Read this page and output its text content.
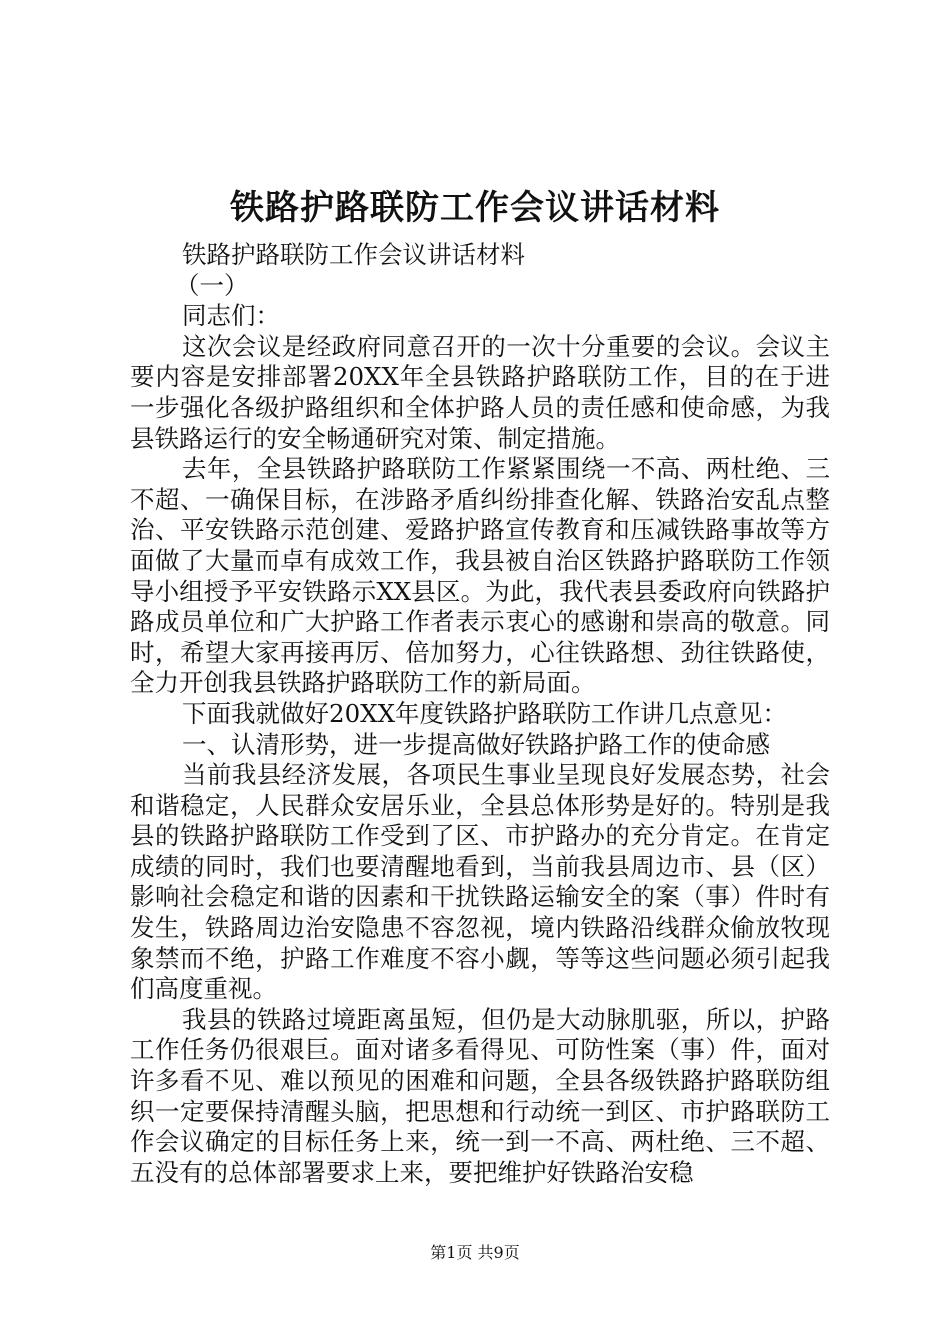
铁路护路联防工作会议讲话材料

铁路护路联防工作会议讲话材料

（一）

同志们：

这次会议是经政府同意召开的一次十分重要的会议。会议主要内容是安排部署20XX年全县铁路护路联防工作，目的在于进一步强化各级护路组织和全体护路人员的责任感和使命感，为我县铁路运行的安全畅通研究对策、制定措施。

去年，全县铁路护路联防工作紧紧围绕一不高、两杜绝、三不超、一确保目标，在涉路矛盾纠纷排查化解、铁路治安乱点整治、平安铁路示范创建、爱路护路宣传教育和压减铁路事故等方面做了大量而卓有成效工作，我县被自治区铁路护路联防工作领导小组授予平安铁路示XX县区。为此，我代表县委政府向铁路护路成员单位和广大护路工作者表示衷心的感谢和崇高的敬意。同时，希望大家再接再厉、倍加努力，心往铁路想、劲往铁路使，全力开创我县铁路护路联防工作的新局面。

下面我就做好20XX年度铁路护路联防工作讲几点意见：

一、认清形势，进一步提高做好铁路护路工作的使命感

当前我县经济发展，各项民生事业呈现良好发展态势，社会和谐稳定，人民群众安居乐业，全县总体形势是好的。特别是我县的铁路护路联防工作受到了区、市护路办的充分肯定。在肯定成绩的同时，我们也要清醒地看到，当前我县周边市、县（区）影响社会稳定和谐的因素和干扰铁路运输安全的案（事）件时有发生，铁路周边治安隐患不容忽视，境内铁路沿线群众偷放牧现象禁而不绝，护路工作难度不容小觑，等等这些问题必须引起我们高度重视。

我县的铁路过境距离虽短，但仍是大动脉肌驱，所以，护路工作任务仍很艰巨。面对诸多看得见、可防性案（事）件，面对许多看不见、难以预见的困难和问题，全县各级铁路护路联防组织一定要保持清醒头脑，把思想和行动统一到区、市护路联防工作会议确定的目标任务上来，统一到一不高、两杜绝、三不超、五没有的总体部署要求上来，要把维护好铁路治安稳

第1页 共9页
